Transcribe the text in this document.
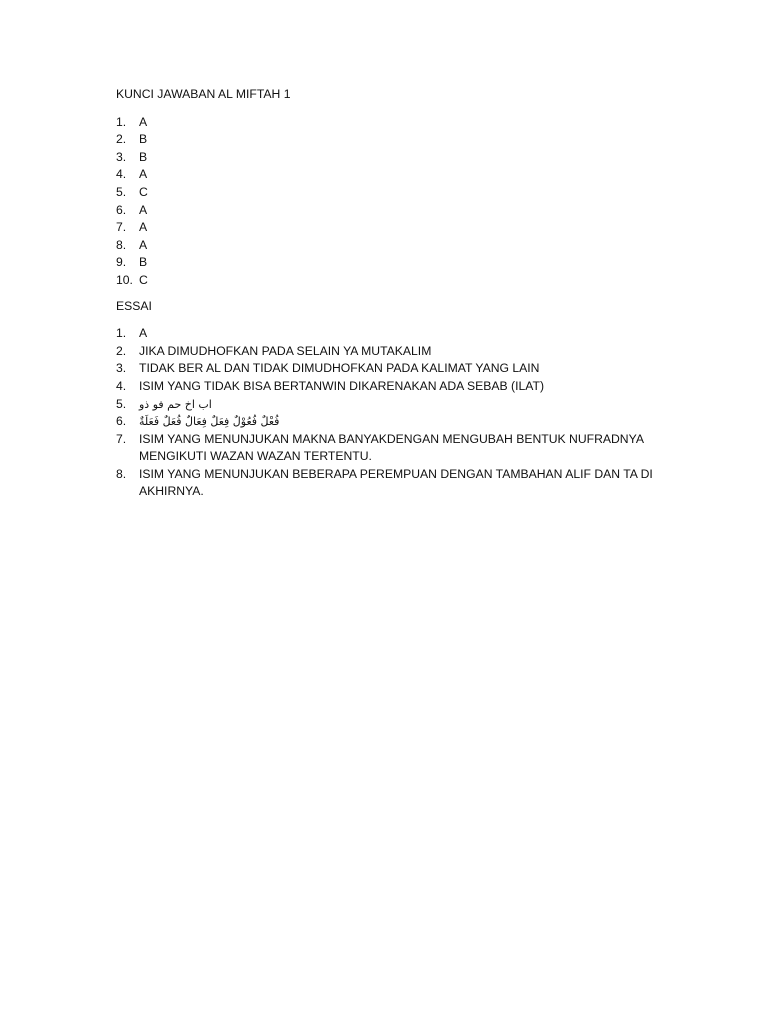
KUNCI JAWABAN AL MIFTAH 1
1.	A
2.	B
3.	B
4.	A
5.	C
6.	A
7.	A
8.	A
9.	B
10. C
ESSAI
1.	A
2.	JIKA DIMUDHOFKAN PADA SELAIN YA MUTAKALIM
3.	TIDAK BER AL DAN TIDAK DIMUDHOFKAN PADA KALIMAT YANG LAIN
4.	ISIM YANG TIDAK BISA BERTANWIN DIKARENAKAN ADA SEBAB (ILAT)
5.	اب اخ حم فو ذو
6.	فُعْلٌ فُعُوْلٌ فِعَلٌ فِعَالٌ فُعَلٌ فَعَلَةٌ
7.	ISIM YANG MENUNJUKAN MAKNA BANYAKDENGAN MENGUBAH BENTUK NUFRADNYA MENGIKUTI WAZAN WAZAN TERTENTU.
8.	ISIM YANG MENUNJUKAN BEBERAPA PEREMPUAN DENGAN TAMBAHAN ALIF DAN TA DI AKHIRNYA.
